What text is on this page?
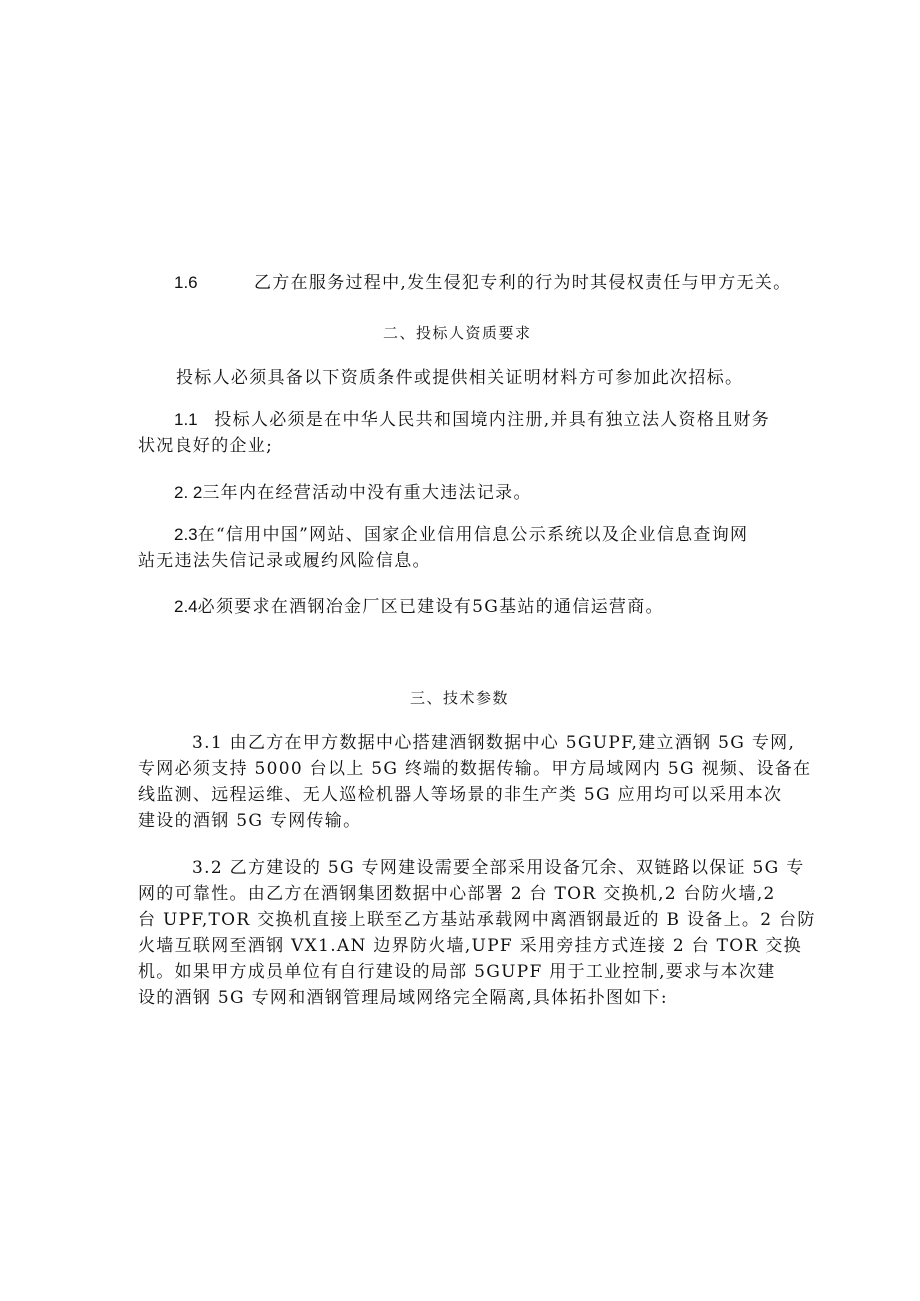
1.6	乙方在服务过程中,发生侵犯专利的行为时其侵权责任与甲方无关。
二、投标人资质要求
投标人必须具备以下资质条件或提供相关证明材料方可参加此次招标。
1.1 投标人必须是在中华人民共和国境内注册,并具有独立法人资格且财务
状况良好的企业;
2. 2三年内在经营活动中没有重大违法记录。
2.3在“信用中国”网站、国家企业信用信息公示系统以及企业信息查询网
站无违法失信记录或履约风险信息。
2.4必须要求在酒钢冶金厂区已建设有5G基站的通信运营商。
三、技术参数
3.1 由乙方在甲方数据中心搭建酒钢数据中心 5GUPF,建立酒钢 5G 专网,
专网必须支持 5000 台以上 5G 终端的数据传输。甲方局域网内 5G 视频、设备在
线监测、远程运维、无人巡检机器人等场景的非生产类 5G 应用均可以采用本次
建设的酒钢 5G 专网传输。
3.2 乙方建设的 5G 专网建设需要全部采用设备冗余、双链路以保证 5G 专
网的可靠性。由乙方在酒钢集团数据中心部署 2 台 TOR 交换机,2 台防火墙,2
台 UPF,TOR 交换机直接上联至乙方基站承载网中离酒钢最近的 B 设备上。2 台防
火墙互联网至酒钢 VX1.AN 边界防火墙,UPF 采用旁挂方式连接 2 台 TOR 交换
机。如果甲方成员单位有自行建设的局部 5GUPF 用于工业控制,要求与本次建
设的酒钢 5G 专网和酒钢管理局域网络完全隔离,具体拓扑图如下:
